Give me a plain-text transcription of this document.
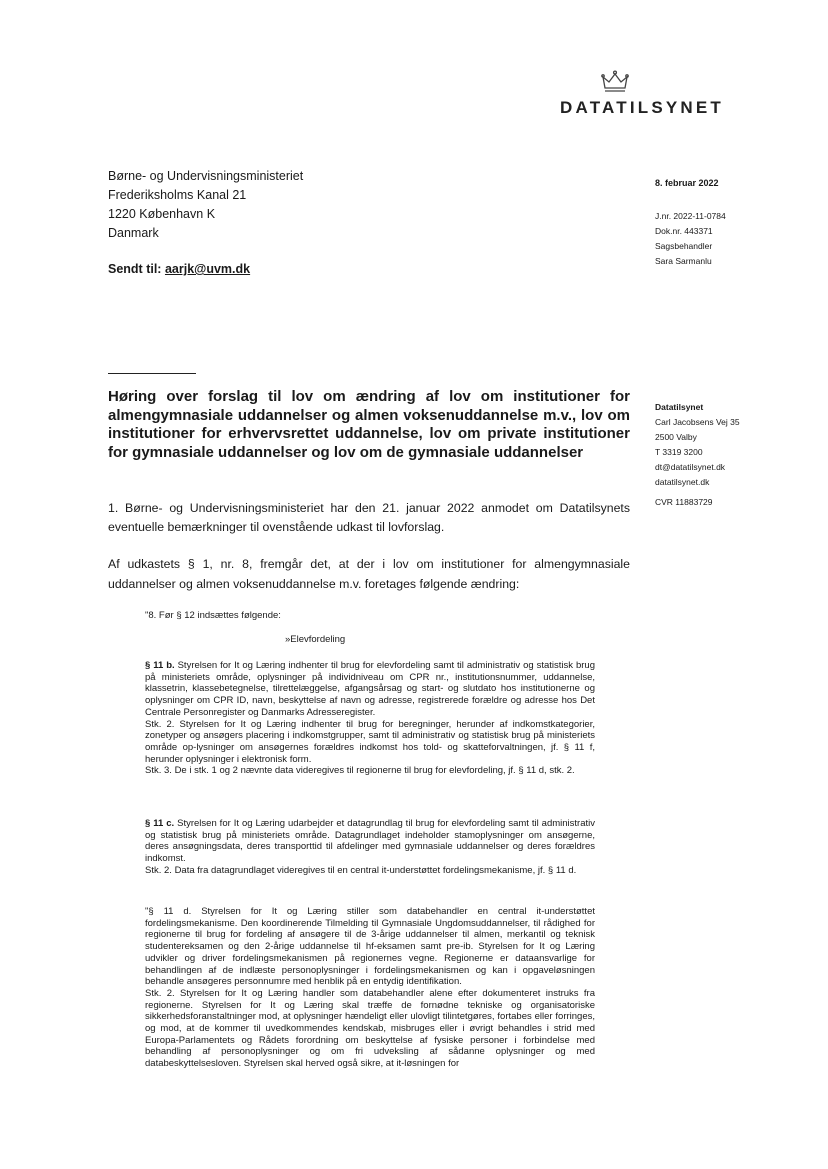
DATATILSYNET
Børne- og Undervisningsministeriet
Frederiksholms Kanal 21
1220 København K
Danmark
Sendt til: aarjk@uvm.dk
8. februar 2022
J.nr. 2022-11-0784
Dok.nr. 443371
Sagsbehandler
Sara Sarmanlu
Høring over forslag til lov om ændring af lov om institutioner for almengymnasiale uddannelser og almen voksenuddannelse m.v., lov om institutioner for erhvervsrettet uddannelse, lov om private institutioner for gymnasiale uddannelser og lov om de gymnasiale uddannelser
Datatilsynet
Carl Jacobsens Vej 35
2500 Valby
T 3319 3200
dt@datatilsynet.dk
datatilsynet.dk
CVR 11883729

1. Børne- og Undervisningsministeriet har den 21. januar 2022 anmodet om Datatilsynets eventuelle bemærkninger til ovenstående udkast til lovforslag.

Af udkastets § 1, nr. 8, fremgår det, at der i lov om institutioner for almengymnasiale uddannelser og almen voksenuddannelse m.v. foretages følgende ændring:

"8. Før § 12 indsættes følgende:
»Elevfordeling

§ 11 b. Styrelsen for It og Læring indhenter til brug for elevfordeling samt til administrativ og statistisk brug på ministeriets område, oplysninger på individniveau om CPR nr., institutionsnummer, uddannelse, klassetrin, klassebetegnelse, tilrettelæggelse, afgangsårsag og start- og slutdato hos institutionerne og oplysninger om CPR ID, navn, beskyttelse af navn og adresse, registrerede forældre og adresse hos Det Centrale Personregister og Danmarks Adresseregister.

Stk. 2. Styrelsen for It og Læring indhenter til brug for beregninger, herunder af indkomstkategorier, zonetyper og ansøgers placering i indkomstgrupper, samt til administrativ og statistisk brug på ministeriets område op-lysninger om ansøgernes forældres indkomst hos told- og skatteforvaltningen, jf. § 11 f, herunder oplysninger i elektronisk form.

Stk. 3. De i stk. 1 og 2 nævnte data videregives til regionerne til brug for elevfordeling, jf. § 11 d, stk. 2.

§ 11 c. Styrelsen for It og Læring udarbejder et datagrundlag til brug for elevfordeling samt til administrativ og statistisk brug på ministeriets område. Datagrundlaget indeholder stamoplysninger om ansøgerne, deres ansøgningsdata, deres transporttid til afdelinger med gymnasiale uddannelser og deres forældres indkomst.

Stk. 2. Data fra datagrundlaget videregives til en central it-understøttet fordelingsmekanisme, jf. § 11 d.

"§ 11 d. Styrelsen for It og Læring stiller som databehandler en central it-understøttet fordelingsmekanisme. Den koordinerende Tilmelding til Gymnasiale Ungdomsuddannelser, til rådighed for regionerne til brug for fordeling af ansøgere til de 3-årige uddannelser til almen, merkantil og teknisk studentereksamen og den 2-årige uddannelse til hf-eksamen samt pre-ib. Styrelsen for It og Læring udvikler og driver fordelingsmekanismen på regionernes vegne. Regionerne er dataansvarlige for behandlingen af de indlæste personoplysninger i fordelingsmekanismen og kan i opgaveløsningen behandle ansøgeres personnumre med henblik på en entydig identifikation.

Stk. 2. Styrelsen for It og Læring handler som databehandler alene efter dokumenteret instruks fra regionerne. Styrelsen for It og Læring skal træffe de fornødne tekniske og organisatoriske sikkerhedsforanstaltninger mod, at oplysninger hændeligt eller ulovligt tilintetgøres, fortabes eller forringes, og mod, at de kommer til uvedkommendes kendskab, misbruges eller i øvrigt behandles i strid med Europa-Parlamentets og Rådets forordning om beskyttelse af fysiske personer i forbindelse med behandling af personoplysninger og om fri udveksling af sådanne oplysninger og med databeskyttelsesloven. Styrelsen skal herved også sikre, at it-løsningen for
